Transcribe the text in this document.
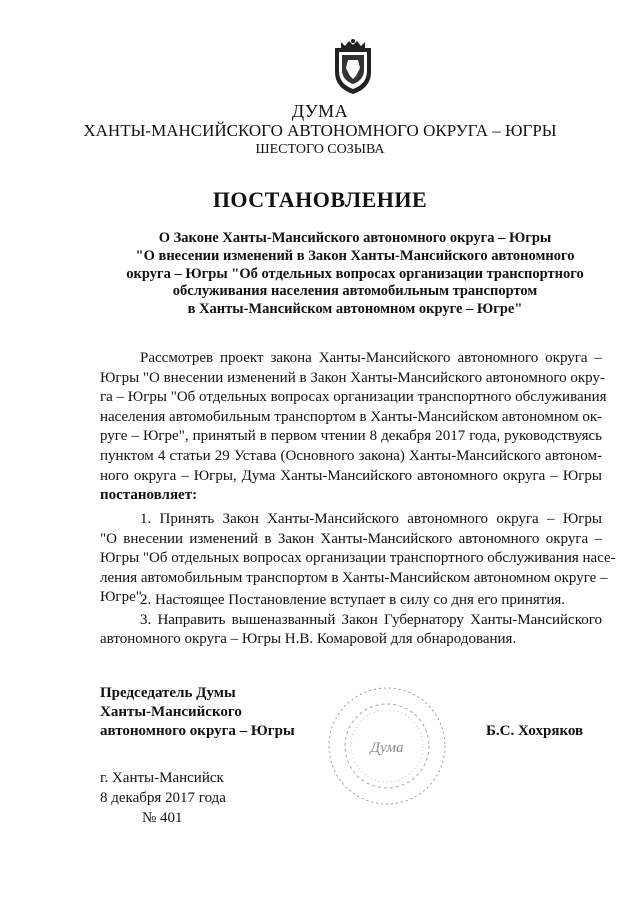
ДУМА
ХАНТЫ-МАНСИЙСКОГО АВТОНОМНОГО ОКРУГА – ЮГРЫ
ШЕСТОГО СОЗЫВА
ПОСТАНОВЛЕНИЕ
О Законе Ханты-Мансийского автономного округа – Югры
"О внесении изменений в Закон Ханты-Мансийского автономного
округа – Югры "Об отдельных вопросах организации транспортного
обслуживания населения автомобильным транспортом
в Ханты-Мансийском автономном округе – Югре"
Рассмотрев проект закона Ханты-Мансийского автономного округа –
Югры "О внесении изменений в Закон Ханты-Мансийского автономного окру-
га – Югры "Об отдельных вопросах организации транспортного обслуживания
населения автомобильным транспортом в Ханты-Мансийском автономном ок-
руге – Югре", принятый в первом чтении 8 декабря 2017 года, руководствуясь
пунктом 4 статьи 29 Устава (Основного закона) Ханты-Мансийского автоном-
ного округа – Югры, Дума Ханты-Мансийского автономного округа – Югры
постановляет:
1. Принять Закон Ханты-Мансийского автономного округа – Югры
"О внесении изменений в Закон Ханты-Мансийского автономного округа –
Югры "Об отдельных вопросах организации транспортного обслуживания насе-
ления автомобильным транспортом в Ханты-Мансийском автономном округе –
Югре".
2. Настоящее Постановление вступает в силу со дня его принятия.
3. Направить вышеназванный Закон Губернатору Ханты-Мансийского
автономного округа – Югры Н.В. Комаровой для обнародования.
Председатель Думы
Ханты-Мансийского
автономного округа – Югры
Дума
Б.С. Хохряков
г. Ханты-Мансийск
8 декабря 2017 года
№ 401
